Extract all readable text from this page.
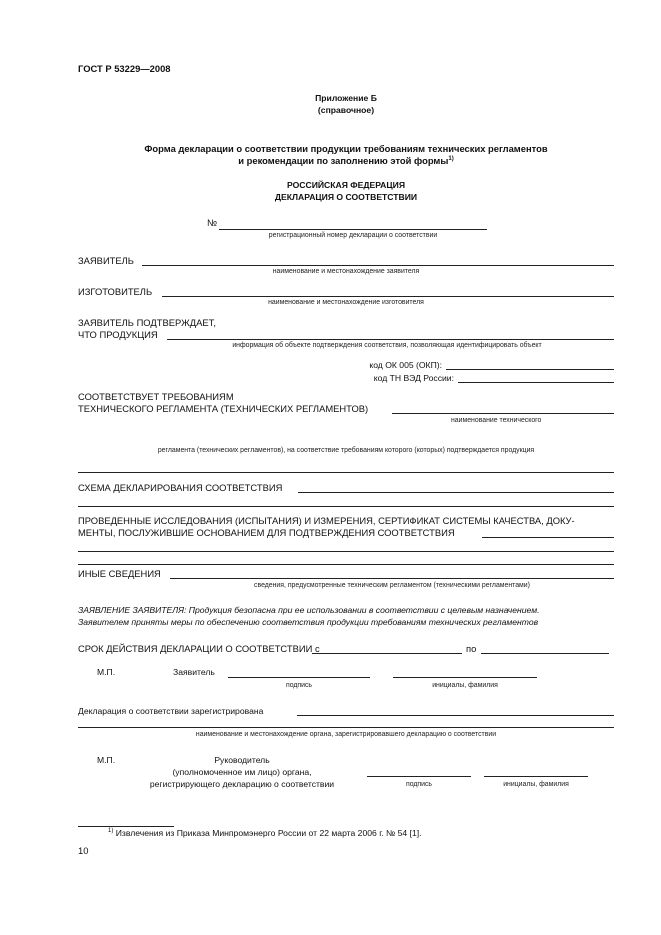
ГОСТ Р 53229—2008
Приложение Б
(справочное)
Форма декларации о соответствии продукции требованиям технических регламентов
и рекомендации по заполнению этой формы$^{1)}$
РОССИЙСКАЯ ФЕДЕРАЦИЯ
ДЕКЛАРАЦИЯ О СООТВЕТСТВИИ
№
регистрационный номер декларации о соответствии
ЗАЯВИТЕЛЬ
наименование и местонахождение заявителя
ИЗГОТОВИТЕЛЬ
наименование и местонахождение изготовителя
ЗАЯВИТЕЛЬ ПОДТВЕРЖДАЕТ,
ЧТО ПРОДУКЦИЯ
информация об объекте подтверждения соответствия, позволяющая идентифицировать объект
код ОК 005 (ОКП):
код ТН ВЭД России:
СООТВЕТСТВУЕТ ТРЕБОВАНИЯМ
ТЕХНИЧЕСКОГО РЕГЛАМЕНТА (ТЕХНИЧЕСКИХ РЕГЛАМЕНТОВ)
наименование технического
регламента (технических регламентов), на соответствие требованиям которого (которых) подтверждается продукция
СХЕМА ДЕКЛАРИРОВАНИЯ СООТВЕТСТВИЯ
ПРОВЕДЕННЫЕ ИССЛЕДОВАНИЯ (ИСПЫТАНИЯ) И ИЗМЕРЕНИЯ, СЕРТИФИКАТ СИСТЕМЫ КАЧЕСТВА, ДОКУ-
МЕНТЫ, ПОСЛУЖИВШИЕ ОСНОВАНИЕМ ДЛЯ ПОДТВЕРЖДЕНИЯ СООТВЕТСТВИЯ
ИНЫЕ СВЕДЕНИЯ
сведения, предусмотренные техническим регламентом (техническими регламентами)
ЗАЯВЛЕНИЕ ЗАЯВИТЕЛЯ: Продукция безопасна при ее использовании в соответствии с целевым назначением.
Заявителем приняты меры по обеспечению соответствия продукции требованиям технических регламентов
СРОК ДЕЙСТВИЯ ДЕКЛАРАЦИИ О СООТВЕТСТВИИ с	по
М.П.	Заявитель
подпись	инициалы, фамилия
Декларация о соответствии зарегистрирована
наименование и местонахождение органа, зарегистрировавшего декларацию о соответствии
М.П.	Руководитель
(уполномоченное им лицо) органа,
регистрирующего декларацию о соответствии	подпись	инициалы, фамилия
$^{1)}$ Извлечения из Приказа Минпромэнерго России от 22 марта 2006 г. № 54 [1].
10
